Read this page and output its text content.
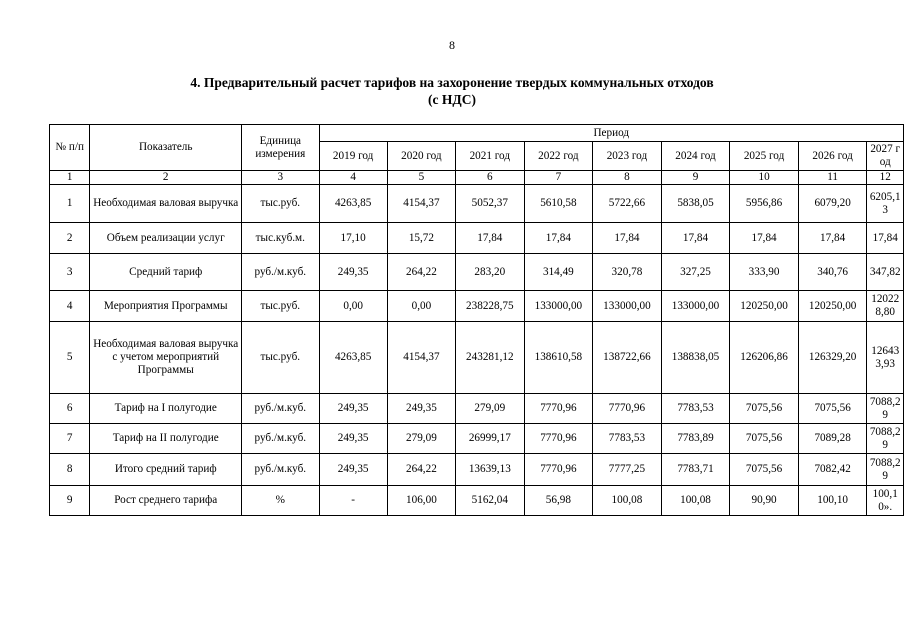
8
4. Предварительный расчет тарифов на захоронение твердых коммунальных отходов
(с НДС)
№ п/п	Показатель	Единица измерения	Период								
			2019 год	2020 год	2021 год	2022 год	2023 год	2024 год	2025 год	2026 год	2027 год
1	2	3	4	5	6	7	8	9	10	11	12
1	Необходимая валовая выручка	тыс.руб.	4263,85	4154,37	5052,37	5610,58	5722,66	5838,05	5956,86	6079,20	6205,13
2	Объем реализации услуг	тыс.куб.м.	17,10	15,72	17,84	17,84	17,84	17,84	17,84	17,84	17,84
3	Средний тариф	руб./м.куб.	249,35	264,22	283,20	314,49	320,78	327,25	333,90	340,76	347,82
4	Мероприятия Программы	тыс.руб.	0,00	0,00	238228,75	133000,00	133000,00	133000,00	120250,00	120250,00	120228,80
5	Необходимая валовая выручка с учетом мероприятий Программы	тыс.руб.	4263,85	4154,37	243281,12	138610,58	138722,66	138838,05	126206,86	126329,20	126433,93
6	Тариф на I полугодие	руб./м.куб.	249,35	249,35	279,09	7770,96	7770,96	7783,53	7075,56	7075,56	7088,29
7	Тариф на II полугодие	руб./м.куб.	249,35	279,09	26999,17	7770,96	7783,53	7783,89	7075,56	7089,28	7088,29
8	Итого средний тариф	руб./м.куб.	249,35	264,22	13639,13	7770,96	7777,25	7783,71	7075,56	7082,42	7088,29
9	Рост среднего тарифа	%	-	106,00	5162,04	56,98	100,08	100,08	90,90	100,10	100,10».
